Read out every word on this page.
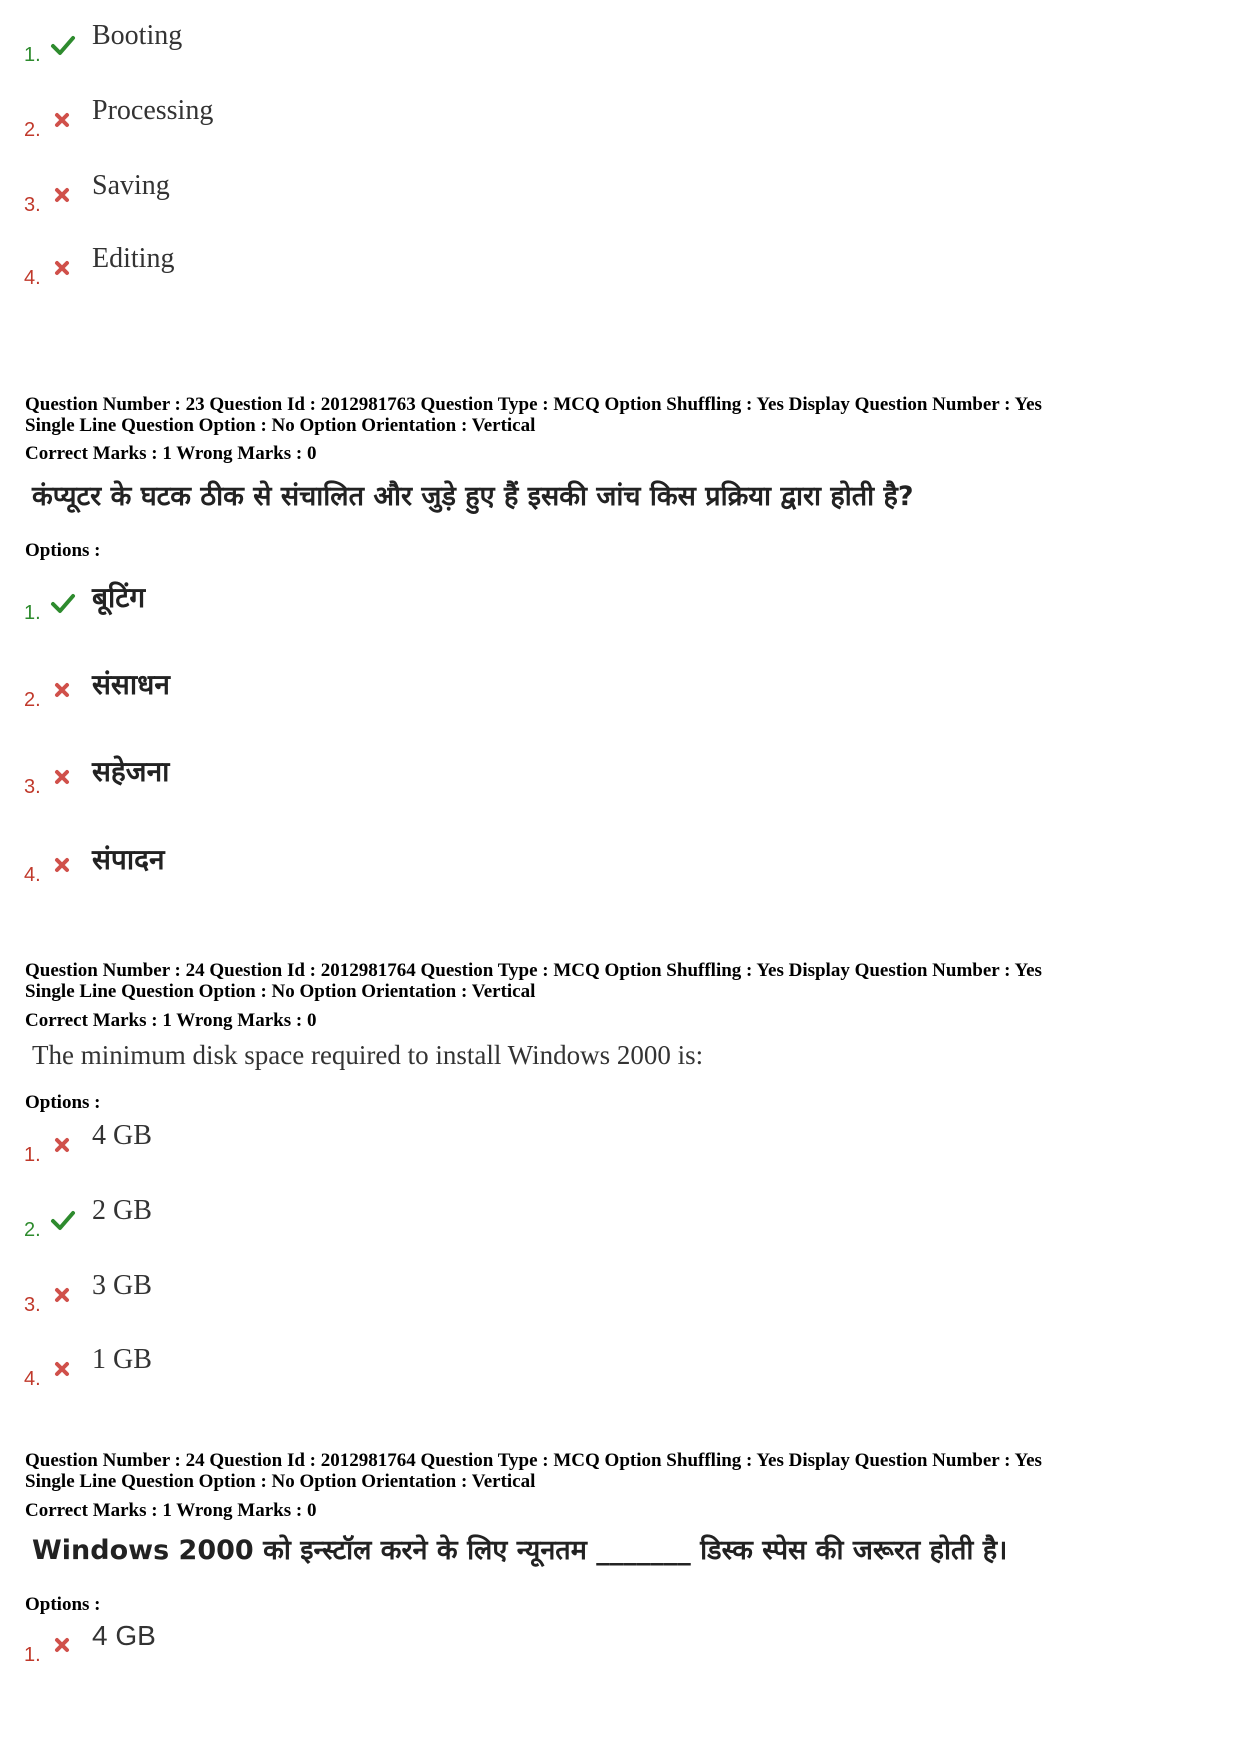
1.
Booting
2.
Processing
3.
Saving
4.
Editing
Question Number : 23 Question Id : 2012981763 Question Type : MCQ Option Shuffling : Yes Display Question Number : Yes
Single Line Question Option : No Option Orientation : Vertical
Correct Marks : 1 Wrong Marks : 0
कंप्यूटर के घटक ठीक से संचालित और जुड़े हुए हैं इसकी जांच किस प्रक्रिया द्वारा होती है?
Options :
1. बूटिंग
2. संसाधन
3. सहेजना
4. संपादन
Question Number : 24 Question Id : 2012981764 Question Type : MCQ Option Shuffling : Yes Display Question Number : Yes
Single Line Question Option : No Option Orientation : Vertical
Correct Marks : 1 Wrong Marks : 0
The minimum disk space required to install Windows 2000 is:
Options :
1.
4 GB
2.
2 GB
3.
3 GB
4.
1 GB
Question Number : 24 Question Id : 2012981764 Question Type : MCQ Option Shuffling : Yes Display Question Number : Yes
Single Line Question Option : No Option Orientation : Vertical
Correct Marks : 1 Wrong Marks : 0
Windows 2000 को इन्स्टॉल करने के लिए न्यूनतम _______ डिस्क स्पेस की जरूरत होती है।
Options :
1.
4 GB
